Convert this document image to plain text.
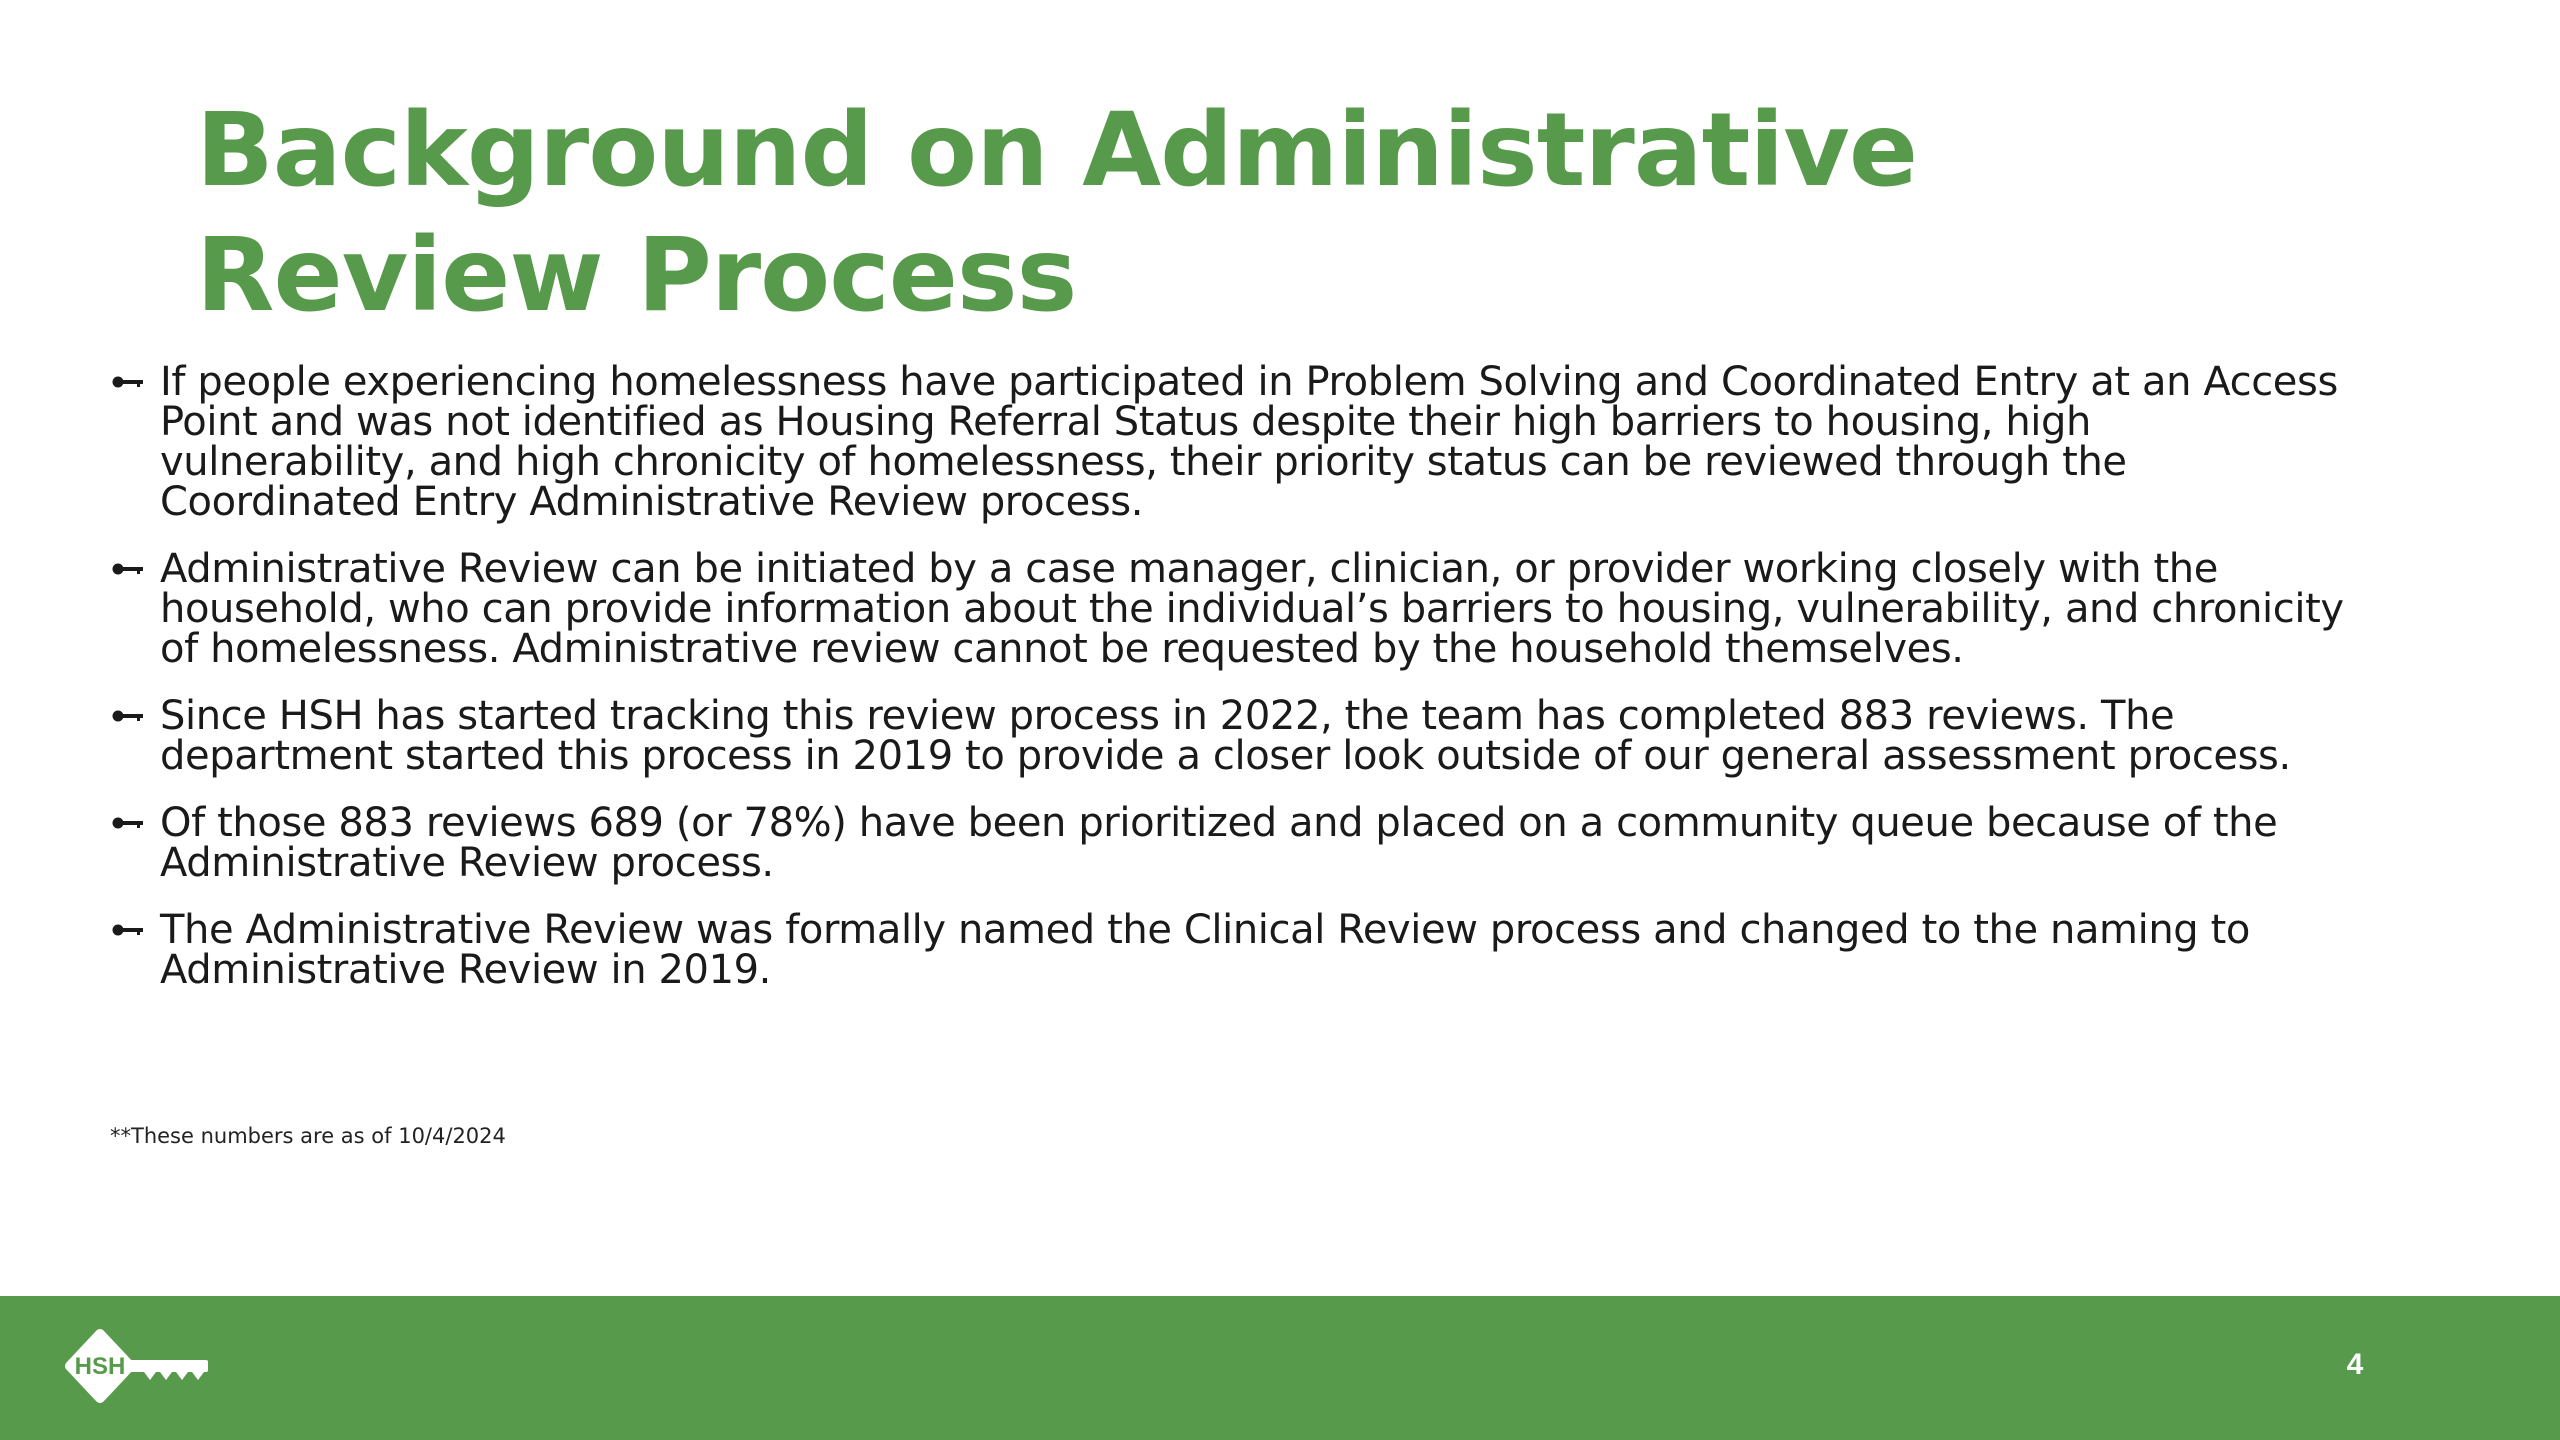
Background on Administrative Review Process
If people experiencing homelessness have participated in Problem Solving and Coordinated Entry at an Access Point and was not identified as Housing Referral Status despite their high barriers to housing, high vulnerability, and high chronicity of homelessness, their priority status can be reviewed through the Coordinated Entry Administrative Review process.
Administrative Review can be initiated by a case manager, clinician, or provider working closely with the household, who can provide information about the individual’s barriers to housing, vulnerability, and chronicity of homelessness. Administrative review cannot be requested by the household themselves.
Since HSH has started tracking this review process in 2022, the team has completed 883 reviews. The department started this process in 2019 to provide a closer look outside of our general assessment process.
Of those 883 reviews 689 (or 78%) have been prioritized and placed on a community queue because of the Administrative Review process.
The Administrative Review was formally named the Clinical Review process and changed to the naming to Administrative Review in 2019.

**These numbers are as of 10/4/2024

HSH	4
